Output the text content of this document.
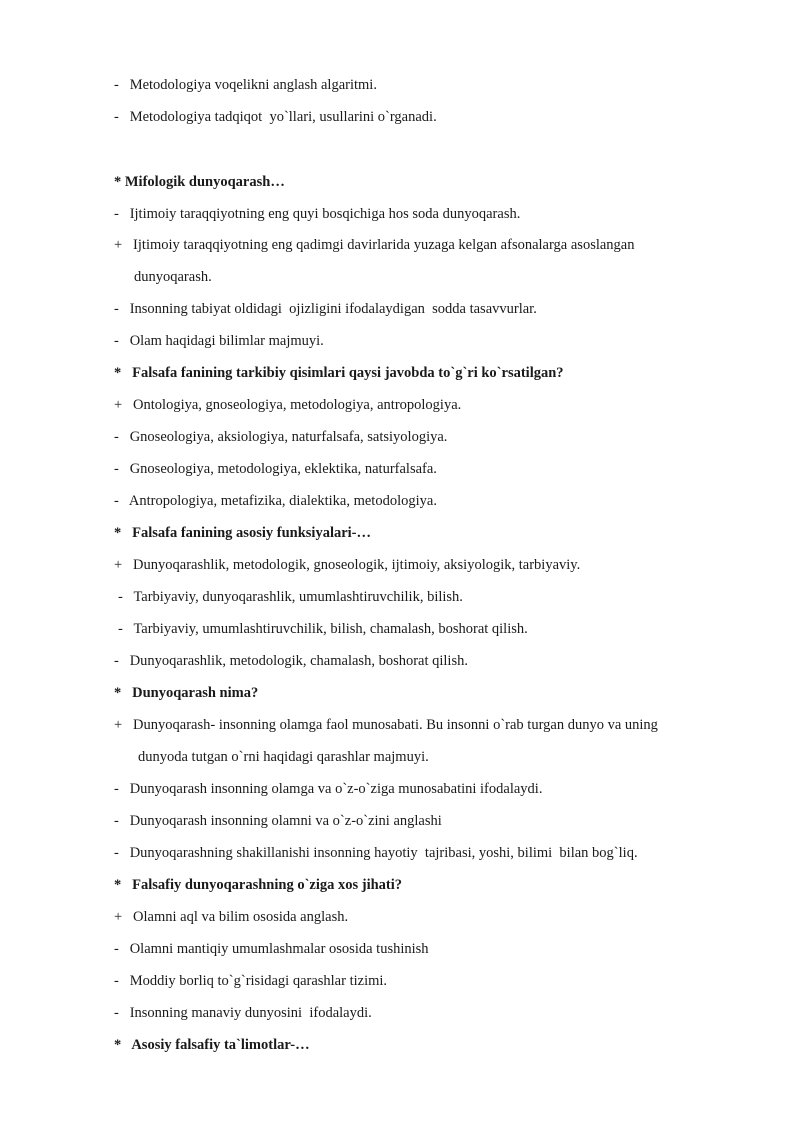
-   Metodologiya voqelikni anglash algaritmi.
-   Metodologiya tadqiqot  yo`llari, usullarini o`rganadi.
* Mifologik dunyoqarash…
-   Ijtimoiy taraqqiyotning eng quyi bosqichiga hos soda dunyoqarash.
+   Ijtimoiy taraqqiyotning eng qadimgi davirlarida yuzaga kelgan afsonalarga asoslangan
dunyoqarash.
-   Insonning tabiyat oldidagi  ojizligini ifodalaydigan  sodda tasavvurlar.
-   Olam haqidagi bilimlar majmuyi.
*   Falsafa fanining tarkibiy qisimlari qaysi javobda to`g`ri ko`rsatilgan?
+   Ontologiya, gnoseologiya, metodologiya, antropologiya.
-   Gnoseologiya, aksiologiya, naturfalsafa, satsiyologiya.
-   Gnoseologiya, metodologiya, eklektika, naturfalsafa.
-   Antropologiya, metafizika, dialektika, metodologiya.
*   Falsafa fanining asosiy funksiyalari-…
+   Dunyoqarashlik, metodologik, gnoseologik, ijtimoiy, aksiyologik, tarbiyaviy.
-   Tarbiyaviy, dunyoqarashlik, umumlashtiruvchilik, bilish.
-   Tarbiyaviy, umumlashtiruvchilik, bilish, chamalash, boshorat qilish.
-   Dunyoqarashlik, metodologik, chamalash, boshorat qilish.
*   Dunyoqarash nima?
+   Dunyoqarash- insonning olamga faol munosabati. Bu insonni o`rab turgan dunyo va uning
dunyoda tutgan o`rni haqidagi qarashlar majmuyi.
-   Dunyoqarash insonning olamga va o`z-o`ziga munosabatini ifodalaydi.
-   Dunyoqarash insonning olamni va o`z-o`zini anglashi
-   Dunyoqarashning shakillanishi insonning hayotiy  tajribasi, yoshi, bilimi  bilan bog`liq.
*   Falsafiy dunyoqarashning o`ziga xos jihati?
+   Olamni aql va bilim ososida anglash.
-   Olamni mantiqiy umumlashmalar ososida tushinish
-   Moddiy borliq to`g`risidagi qarashlar tizimi.
-   Insonning manaviy dunyosini  ifodalaydi.
*   Asosiy falsafiy ta`limotlar-…
